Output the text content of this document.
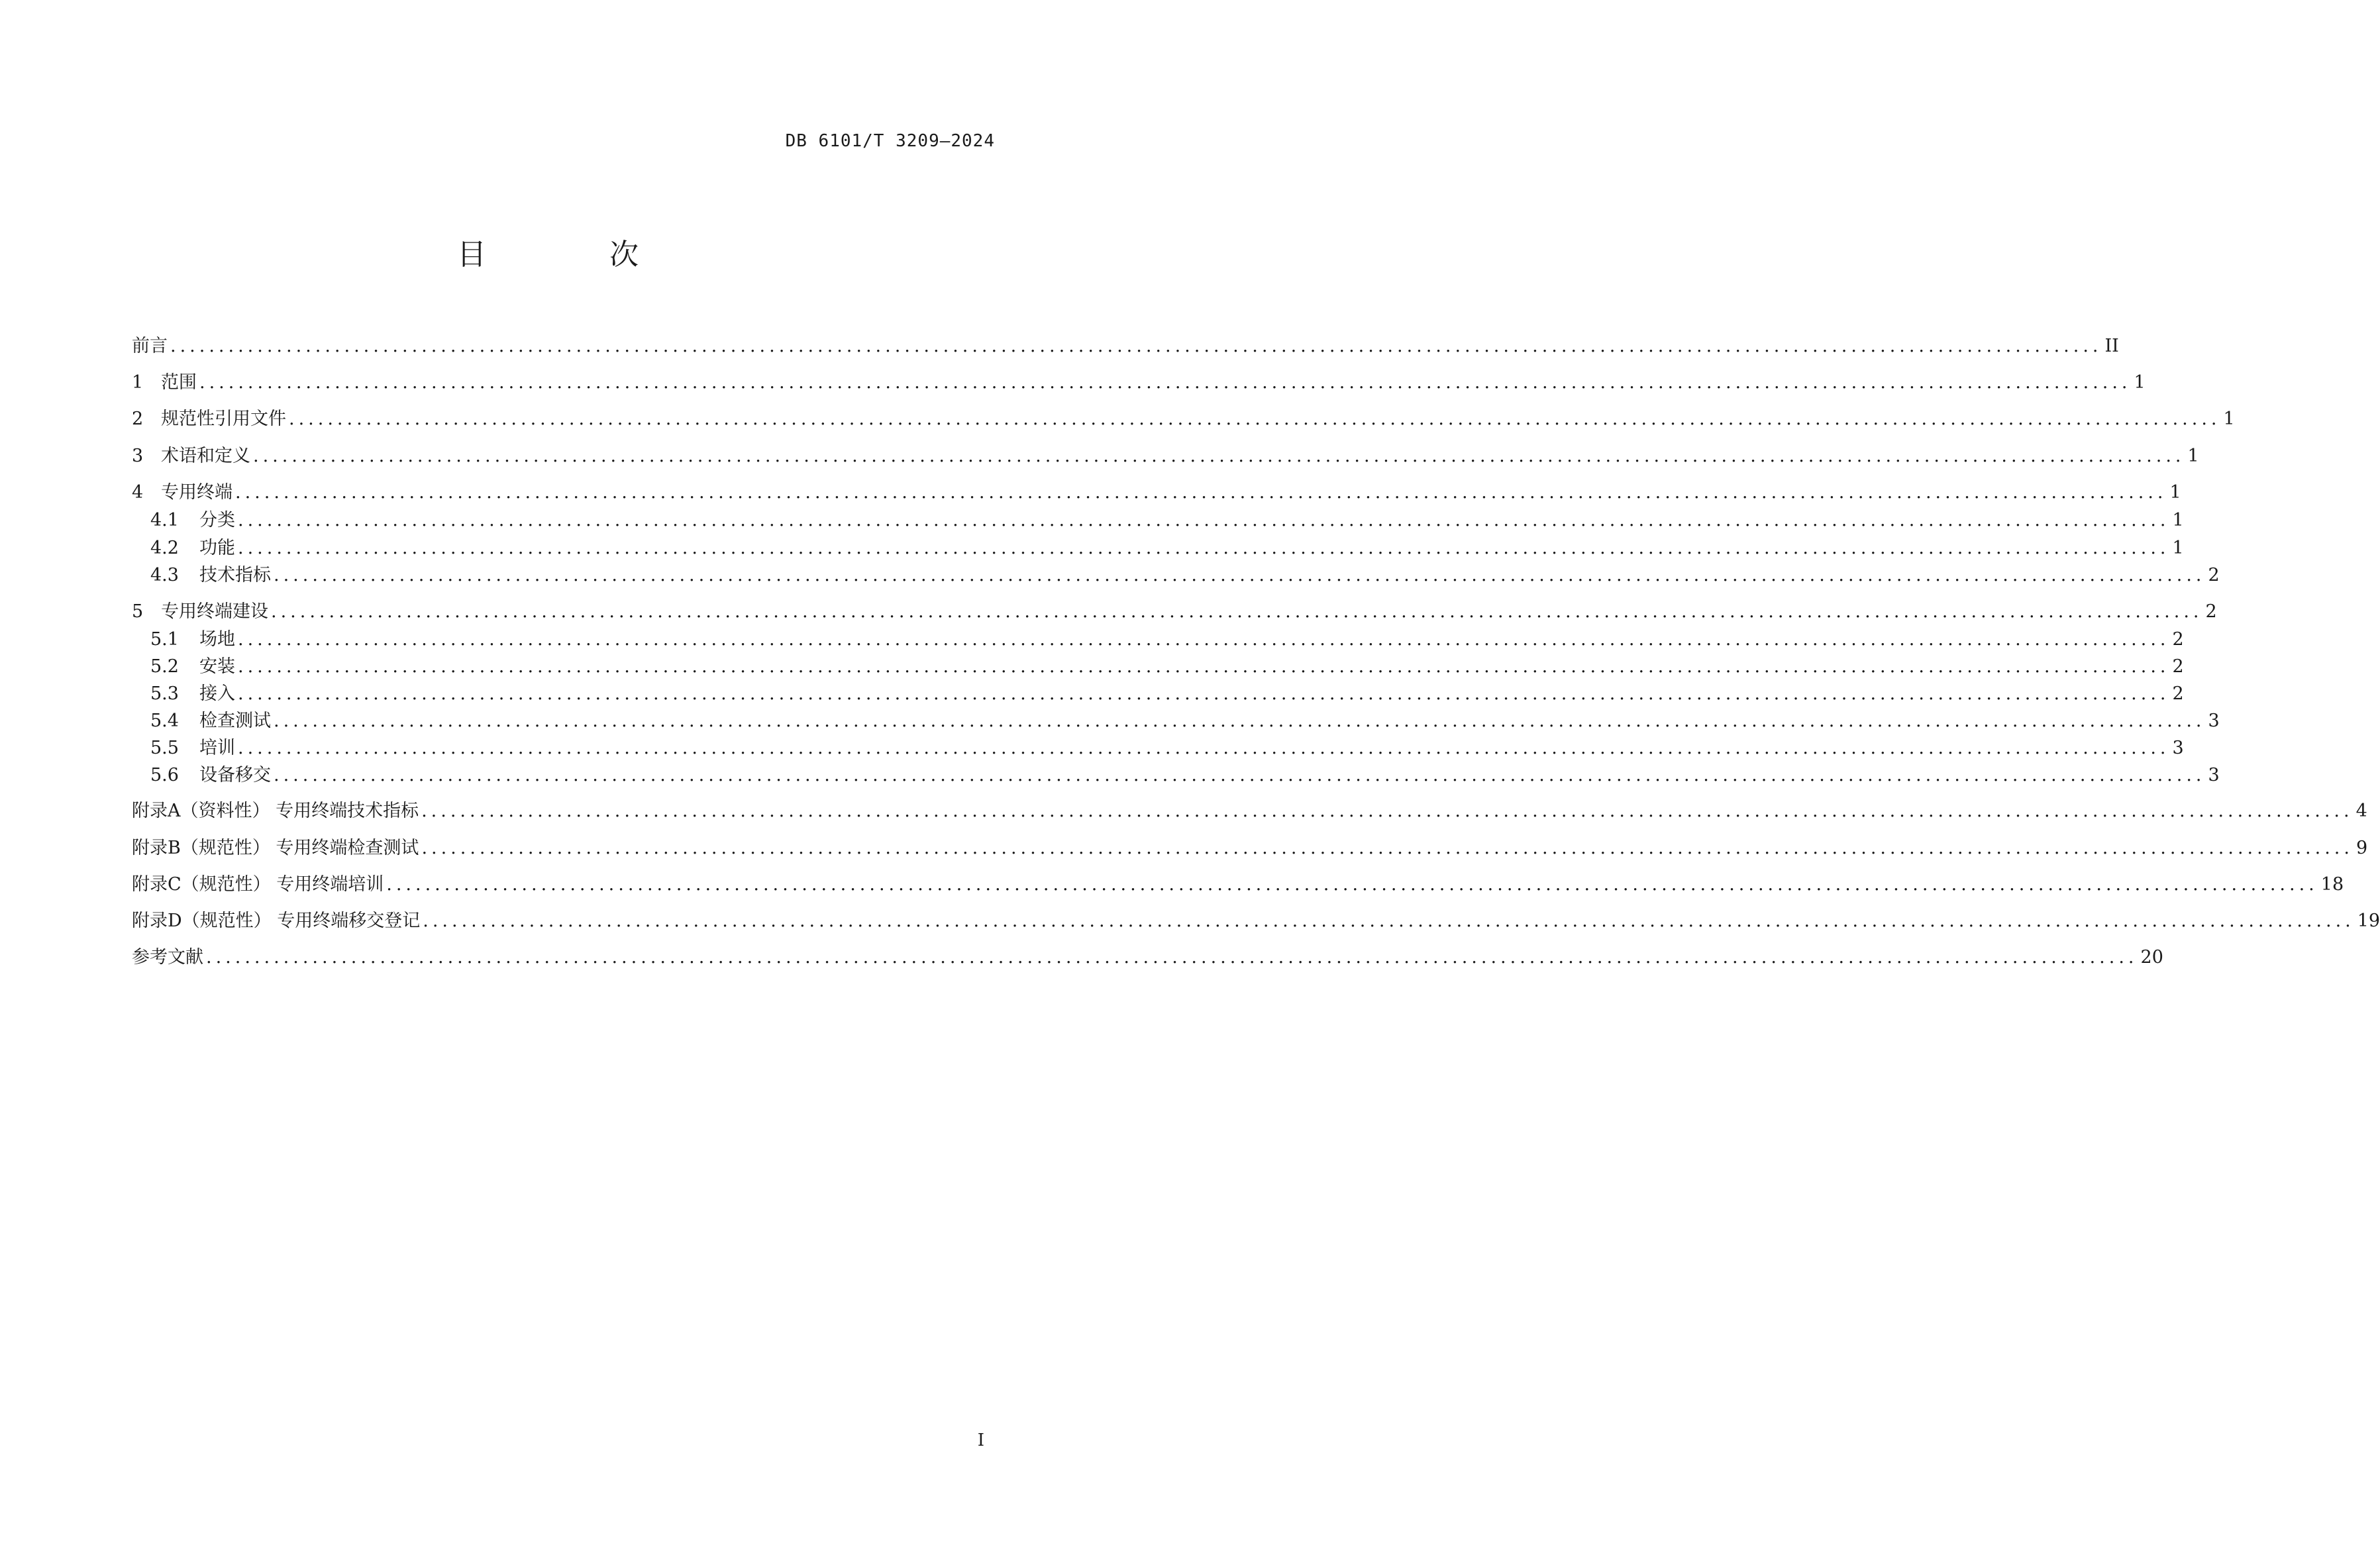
DB 6101/T 3209—2024
目 次
前言 ........................................................................................................................................................................................................ II
1 范围 ........................................................................................................................................................................................................ 1
2 规范性引用文件 ........................................................................................................................................................................................................ 1
3 术语和定义 ........................................................................................................................................................................................................ 1
4 专用终端 ........................................................................................................................................................................................................ 1
4.1	分类 ........................................................................................................................................................................................................ 1
4.2	功能 ........................................................................................................................................................................................................ 1
4.3	技术指标 ........................................................................................................................................................................................................ 2
5 专用终端建设 ........................................................................................................................................................................................................ 2
5.1	场地 ........................................................................................................................................................................................................ 2
5.2	安装 ........................................................................................................................................................................................................ 2
5.3	接入 ........................................................................................................................................................................................................ 2
5.4	检查测试 ........................................................................................................................................................................................................ 3
5.5	培训 ........................................................................................................................................................................................................ 3
5.6	设备移交 ........................................................................................................................................................................................................ 3
附录A（资料性） 专用终端技术指标 ........................................................................................................................................................................................................ 4
附录B（规范性） 专用终端检查测试 ........................................................................................................................................................................................................ 9
附录C（规范性） 专用终端培训 ........................................................................................................................................................................................................ 18
附录D（规范性） 专用终端移交登记 ........................................................................................................................................................................................................ 19
参考文献 ........................................................................................................................................................................................................ 20
I
